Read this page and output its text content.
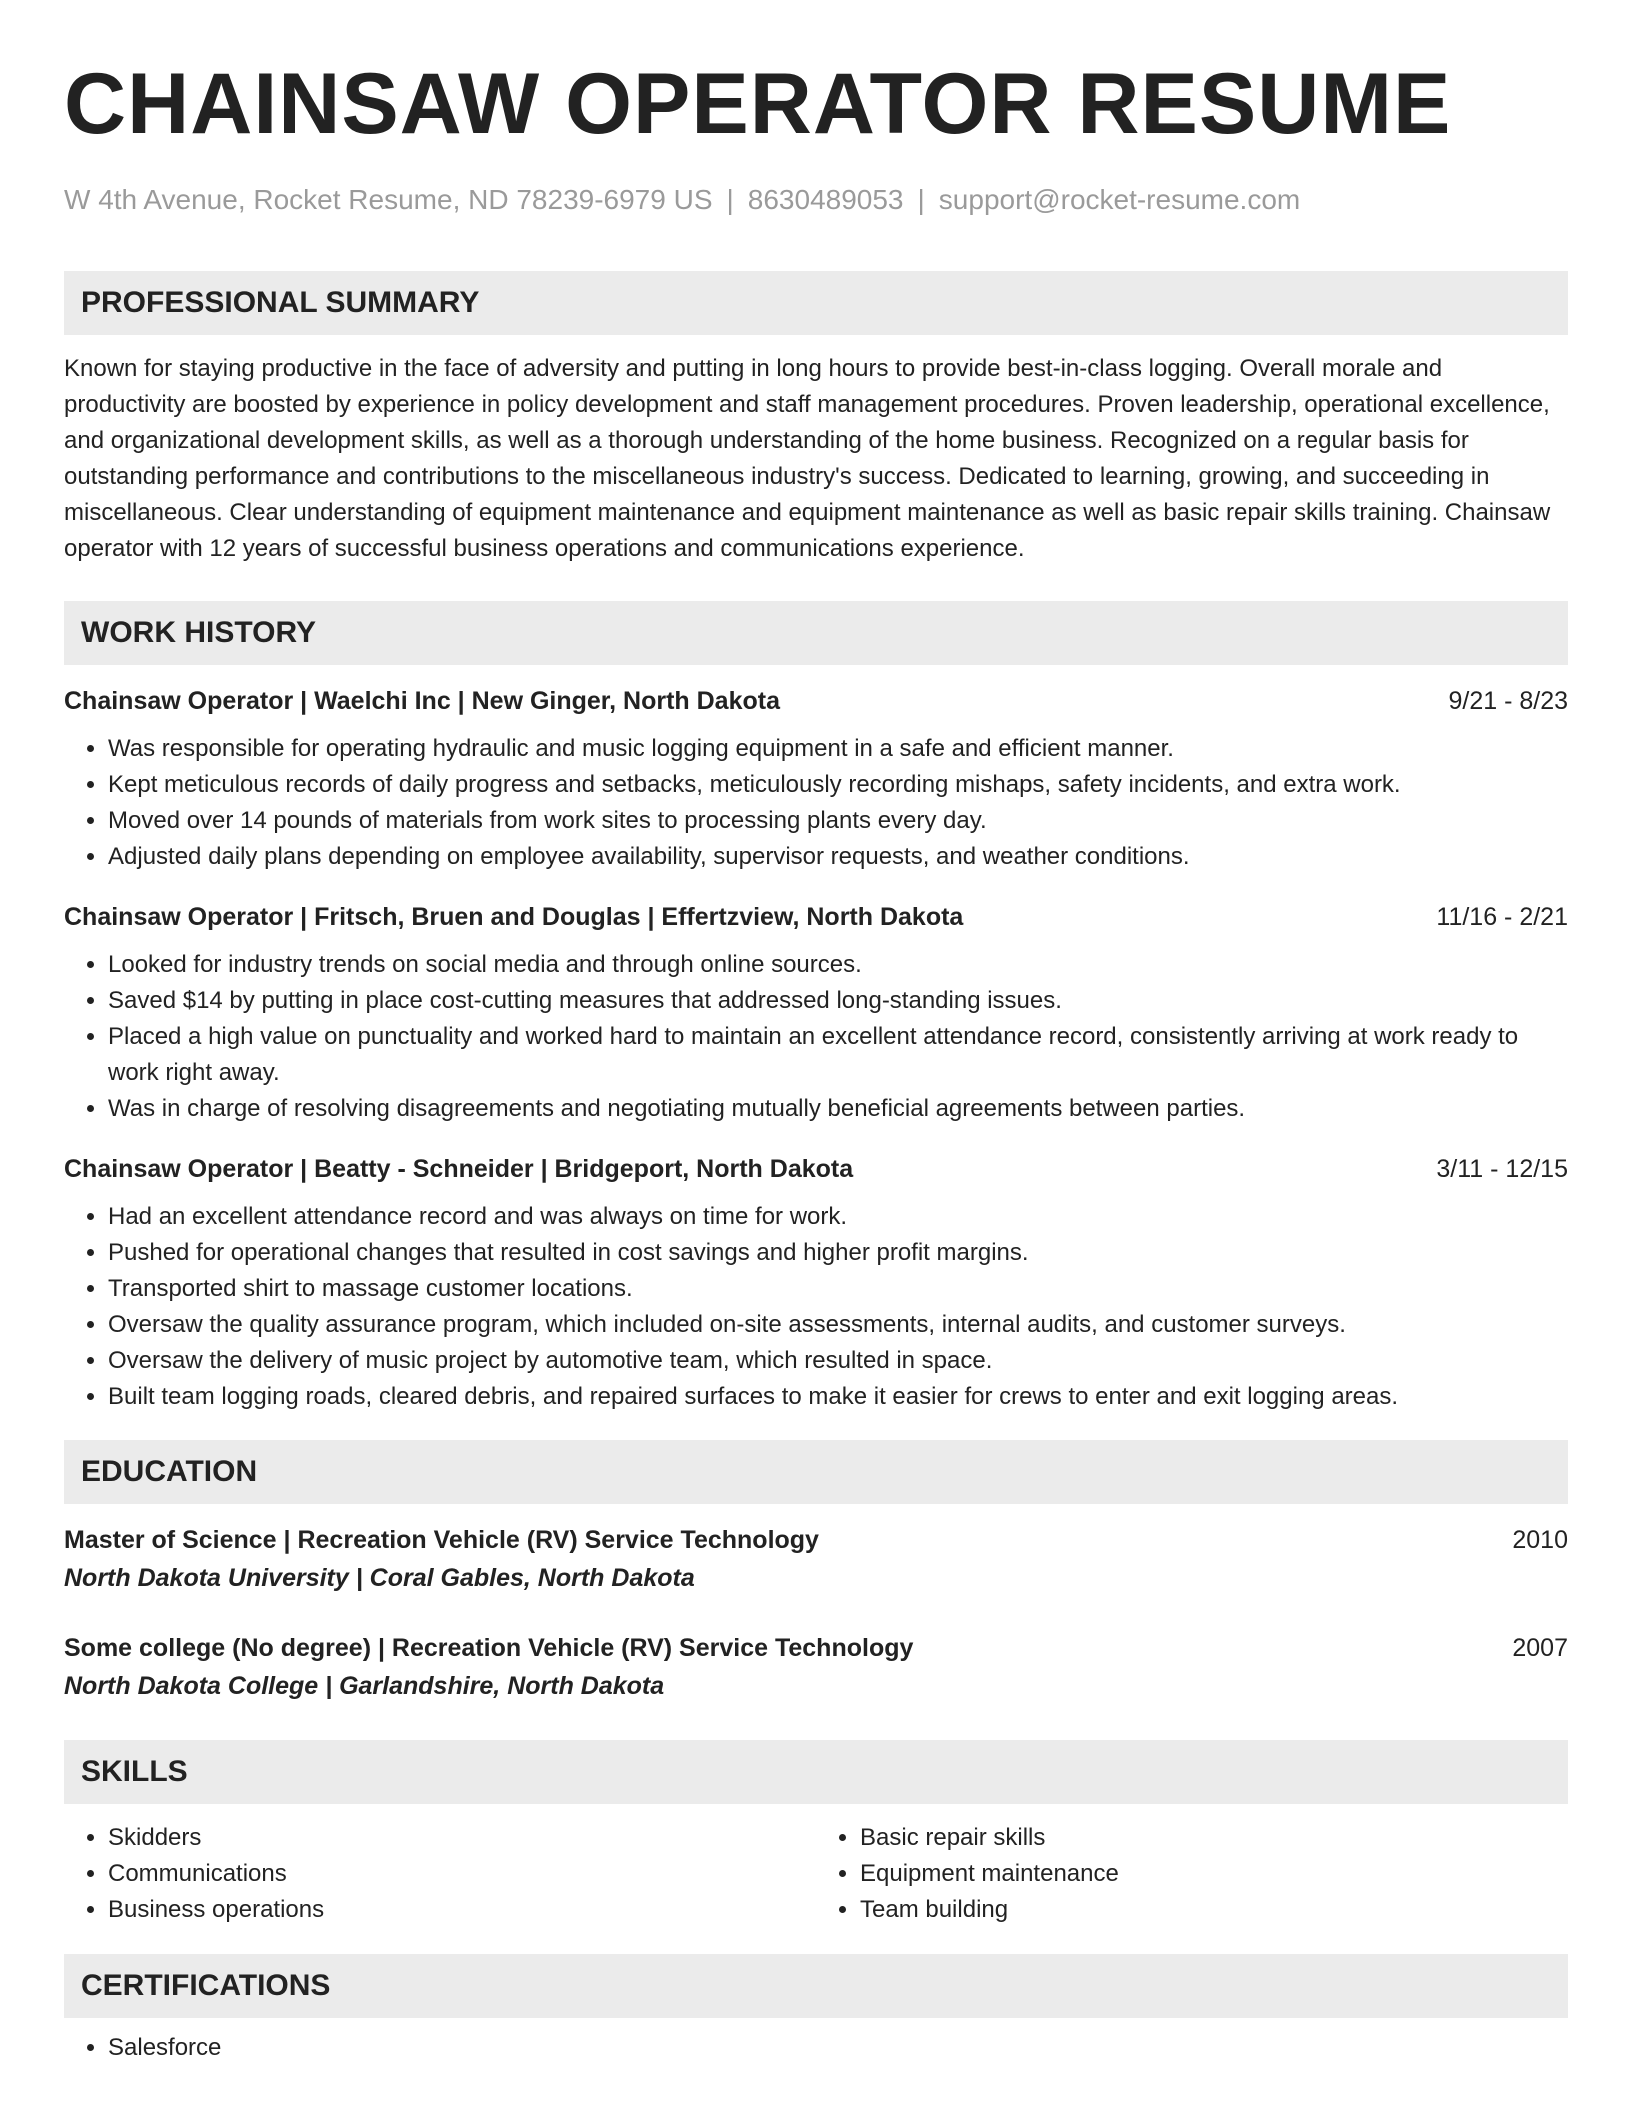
CHAINSAW OPERATOR RESUME
W 4th Avenue, Rocket Resume, ND 78239-6979 US | 8630489053 | support@rocket-resume.com
PROFESSIONAL SUMMARY
Known for staying productive in the face of adversity and putting in long hours to provide best-in-class logging. Overall morale and productivity are boosted by experience in policy development and staff management procedures. Proven leadership, operational excellence, and organizational development skills, as well as a thorough understanding of the home business. Recognized on a regular basis for outstanding performance and contributions to the miscellaneous industry's success. Dedicated to learning, growing, and succeeding in miscellaneous. Clear understanding of equipment maintenance and equipment maintenance as well as basic repair skills training. Chainsaw operator with 12 years of successful business operations and communications experience.
WORK HISTORY
Chainsaw Operator | Waelchi Inc | New Ginger, North Dakota	9/21 - 8/23
• Was responsible for operating hydraulic and music logging equipment in a safe and efficient manner.
• Kept meticulous records of daily progress and setbacks, meticulously recording mishaps, safety incidents, and extra work.
• Moved over 14 pounds of materials from work sites to processing plants every day.
• Adjusted daily plans depending on employee availability, supervisor requests, and weather conditions.
Chainsaw Operator | Fritsch, Bruen and Douglas | Effertzview, North Dakota	11/16 - 2/21
• Looked for industry trends on social media and through online sources.
• Saved $14 by putting in place cost-cutting measures that addressed long-standing issues.
• Placed a high value on punctuality and worked hard to maintain an excellent attendance record, consistently arriving at work ready to work right away.
• Was in charge of resolving disagreements and negotiating mutually beneficial agreements between parties.
Chainsaw Operator | Beatty - Schneider | Bridgeport, North Dakota	3/11 - 12/15
• Had an excellent attendance record and was always on time for work.
• Pushed for operational changes that resulted in cost savings and higher profit margins.
• Transported shirt to massage customer locations.
• Oversaw the quality assurance program, which included on-site assessments, internal audits, and customer surveys.
• Oversaw the delivery of music project by automotive team, which resulted in space.
• Built team logging roads, cleared debris, and repaired surfaces to make it easier for crews to enter and exit logging areas.
EDUCATION
Master of Science | Recreation Vehicle (RV) Service Technology	2010
North Dakota University | Coral Gables, North Dakota
Some college (No degree) | Recreation Vehicle (RV) Service Technology	2007
North Dakota College | Garlandshire, North Dakota
SKILLS
• Skidders
• Communications
• Business operations
• Basic repair skills
• Equipment maintenance
• Team building
CERTIFICATIONS
• Salesforce
